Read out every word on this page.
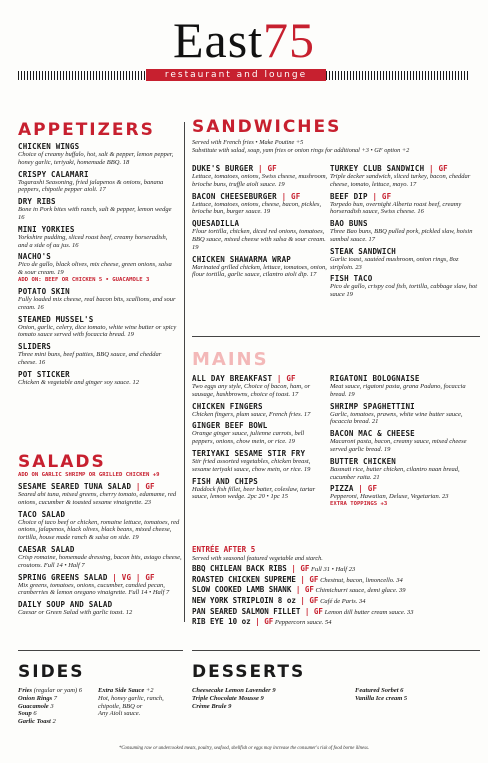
East75
restaurant and lounge
APPETIZERS
CHICKEN WINGS
Choice of creamy buffalo, hot, salt & pepper, lemon pepper, honey garlic, teriyaki, homemade BBQ. 18
CRISPY CALAMARI
Togarashi Seasoning, fried jalapenos & onions, banana peppers, chipotle pepper aioli. 17
DRY RIBS
Bone in Pork bites with ranch, salt & pepper, lemon wedge 16
MINI YORKIES
Yorkshire pudding, sliced roast beef, creamy horseradish, and a side of au jus. 16
NACHO'S
Pico de gallo, black olives, mix cheese, green onions, salsa & sour cream. 19
ADD ON: BEEF OR CHICKEN 5 • GUACAMOLE 3
POTATO SKIN
Fully loaded mix cheese, real bacon bits, scallions, and sour cream. 16
STEAMED MUSSEL'S
Onion, garlic, celery, dice tomato, white wine butter or spicy tomato sauce served with focaccia bread. 19
SLIDERS
Three mini buns, beef patties, BBQ sauce, and cheddar cheese. 16
POT STICKER
Chicken & vegetable and ginger soy sauce. 12
SALADS
ADD ON GARLIC SHRIMP OR GRILLED CHICKEN +9
SESAME SEARED TUNA SALAD | GF
Seared ahi tuna, mixed greens, cherry tomato, edamame, red onions, cucumber & toasted sesame vinaigrette. 23
TACO SALAD
Choice of taco beef or chicken, romaine lettuce, tomatoes, red onions, jalapenos, black olives, black beans, mixed cheese, tortilla, house made ranch & salsa on side. 19
CAESAR SALAD
Crisp romaine, homemade dressing, bacon bits, asiago cheese, croutons. Full 14 • Half 7
SPRING GREENS SALAD | VG | GF
Mix greens, tomatoes, onions, cucumber, candied pecan, cranberries & lemon oregano vinaigrette. Full 14 • Half 7
DAILY SOUP AND SALAD
Caesar or Green Salad with garlic toast. 12
SANDWICHES
Served with French fries • Make Poutine +5
Substitute with salad, soup, yam fries or onion rings for additional +3 • GF option +2
DUKE'S BURGER | GF
Lettuce, tomatoes, onions, Swiss cheese, mushroom, brioche buns, truffle aioli sauce. 19
BACON CHEESEBURGER | GF
Lettuce, tomatoes, onions, cheese, bacon, pickles, brioche bun, burger sauce. 19
QUESADILLA
Flour tortilla, chicken, diced red onions, tomatoes, BBQ sauce, mixed cheese with salsa & sour cream. 19
CHICKEN SHAWARMA WRAP
Marinated grilled chicken, lettuce, tomatoes, onion, flour tortilla, garlic sauce, cilantro aioli dip. 17
TURKEY CLUB SANDWICH | GF
Triple decker sandwich, sliced turkey, bacon, cheddar cheese, tomato, lettuce, mayo. 17
BEEF DIP | GF
Torpedo bun, overnight Alberta roast beef, creamy horseradish sauce, Swiss cheese. 16
BAO BUNS
Three Bao buns, BBQ pulled pork, pickled slaw, hoisin sambal sauce. 17
STEAK SANDWICH
Garlic toast, sautéed mushroom, onion rings, 8oz striploin. 23
FISH TACO
Pico de gallo, crispy cod fish, tortilla, cabbage slaw, hot sauce 19
MAINS
ALL DAY BREAKFAST | GF
Two eggs any style, Choice of bacon, ham, or sausage, hashbrowns, choice of toast. 17
CHICKEN FINGERS
Chicken fingers, plum sauce, French fries. 17
GINGER BEEF BOWL
Orange ginger sauce, julienne carrots, bell peppers, onions, chow mein, or rice. 19
TERIYAKI SESAME STIR FRY
Stir fried assorted vegetables, chicken breast, sesame teriyaki sauce, chow mein, or rice. 19
FISH AND CHIPS
Haddock fish fillet, beer batter, coleslaw, tartar sauce, lemon wedge. 2pc 20 • 1pc 15
RIGATONI BOLOGNAISE
Meat sauce, rigatoni pasta, grana Padano, focaccia bread. 19
SHRIMP SPAGHETTINI
Garlic, tomatoes, prawns, white wine butter sauce, focaccia bread. 21
BACON MAC & CHEESE
Macaroni pasta, bacon, creamy sauce, mixed cheese served garlic bread. 19
BUTTER CHICKEN
Basmati rice, butter chicken, cilantro naan bread, cucumber raita. 21
PIZZA | GF
Pepperoni, Hawaiian, Deluxe, Vegetarian. 23
EXTRA TOPPINGS +3
ENTRÉE AFTER 5
Served with seasonal featured vegetable and starch.
BBQ CHILEAN BACK RIBS | GF Full 31 • Half 23
ROASTED CHICKEN SUPREME | GF Chestnut, bacon, limoncello. 34
SLOW COOKED LAMB SHANK | GF Chimichurri sauce, demi glace. 39
NEW YORK STRIPLOIN 8 oz | GF Café de Paris. 34
PAN SEARED SALMON FILLET | GF Lemon dill butter cream sauce. 33
RIB EYE 10 oz | GF Peppercorn sauce. 54
SIDES
Fries (regular or yam) 6
Onion Rings 7
Guacamole 3
Soup 6
Garlic Toast 2
Extra Side Sauce +2
Hot, honey garlic, ranch,
chipotle, BBQ or
Any Aioli sauce.
DESSERTS
Cheesecake Lemon Lavender 9
Triple Chocolate Mousse 9
Crème Brule 9
Featured Sorbet 6
Vanilla Ice cream 5
*Consuming raw or undercooked meats, poultry, seafood, shellfish or eggs may increase the consumer's risk of food borne illness.
